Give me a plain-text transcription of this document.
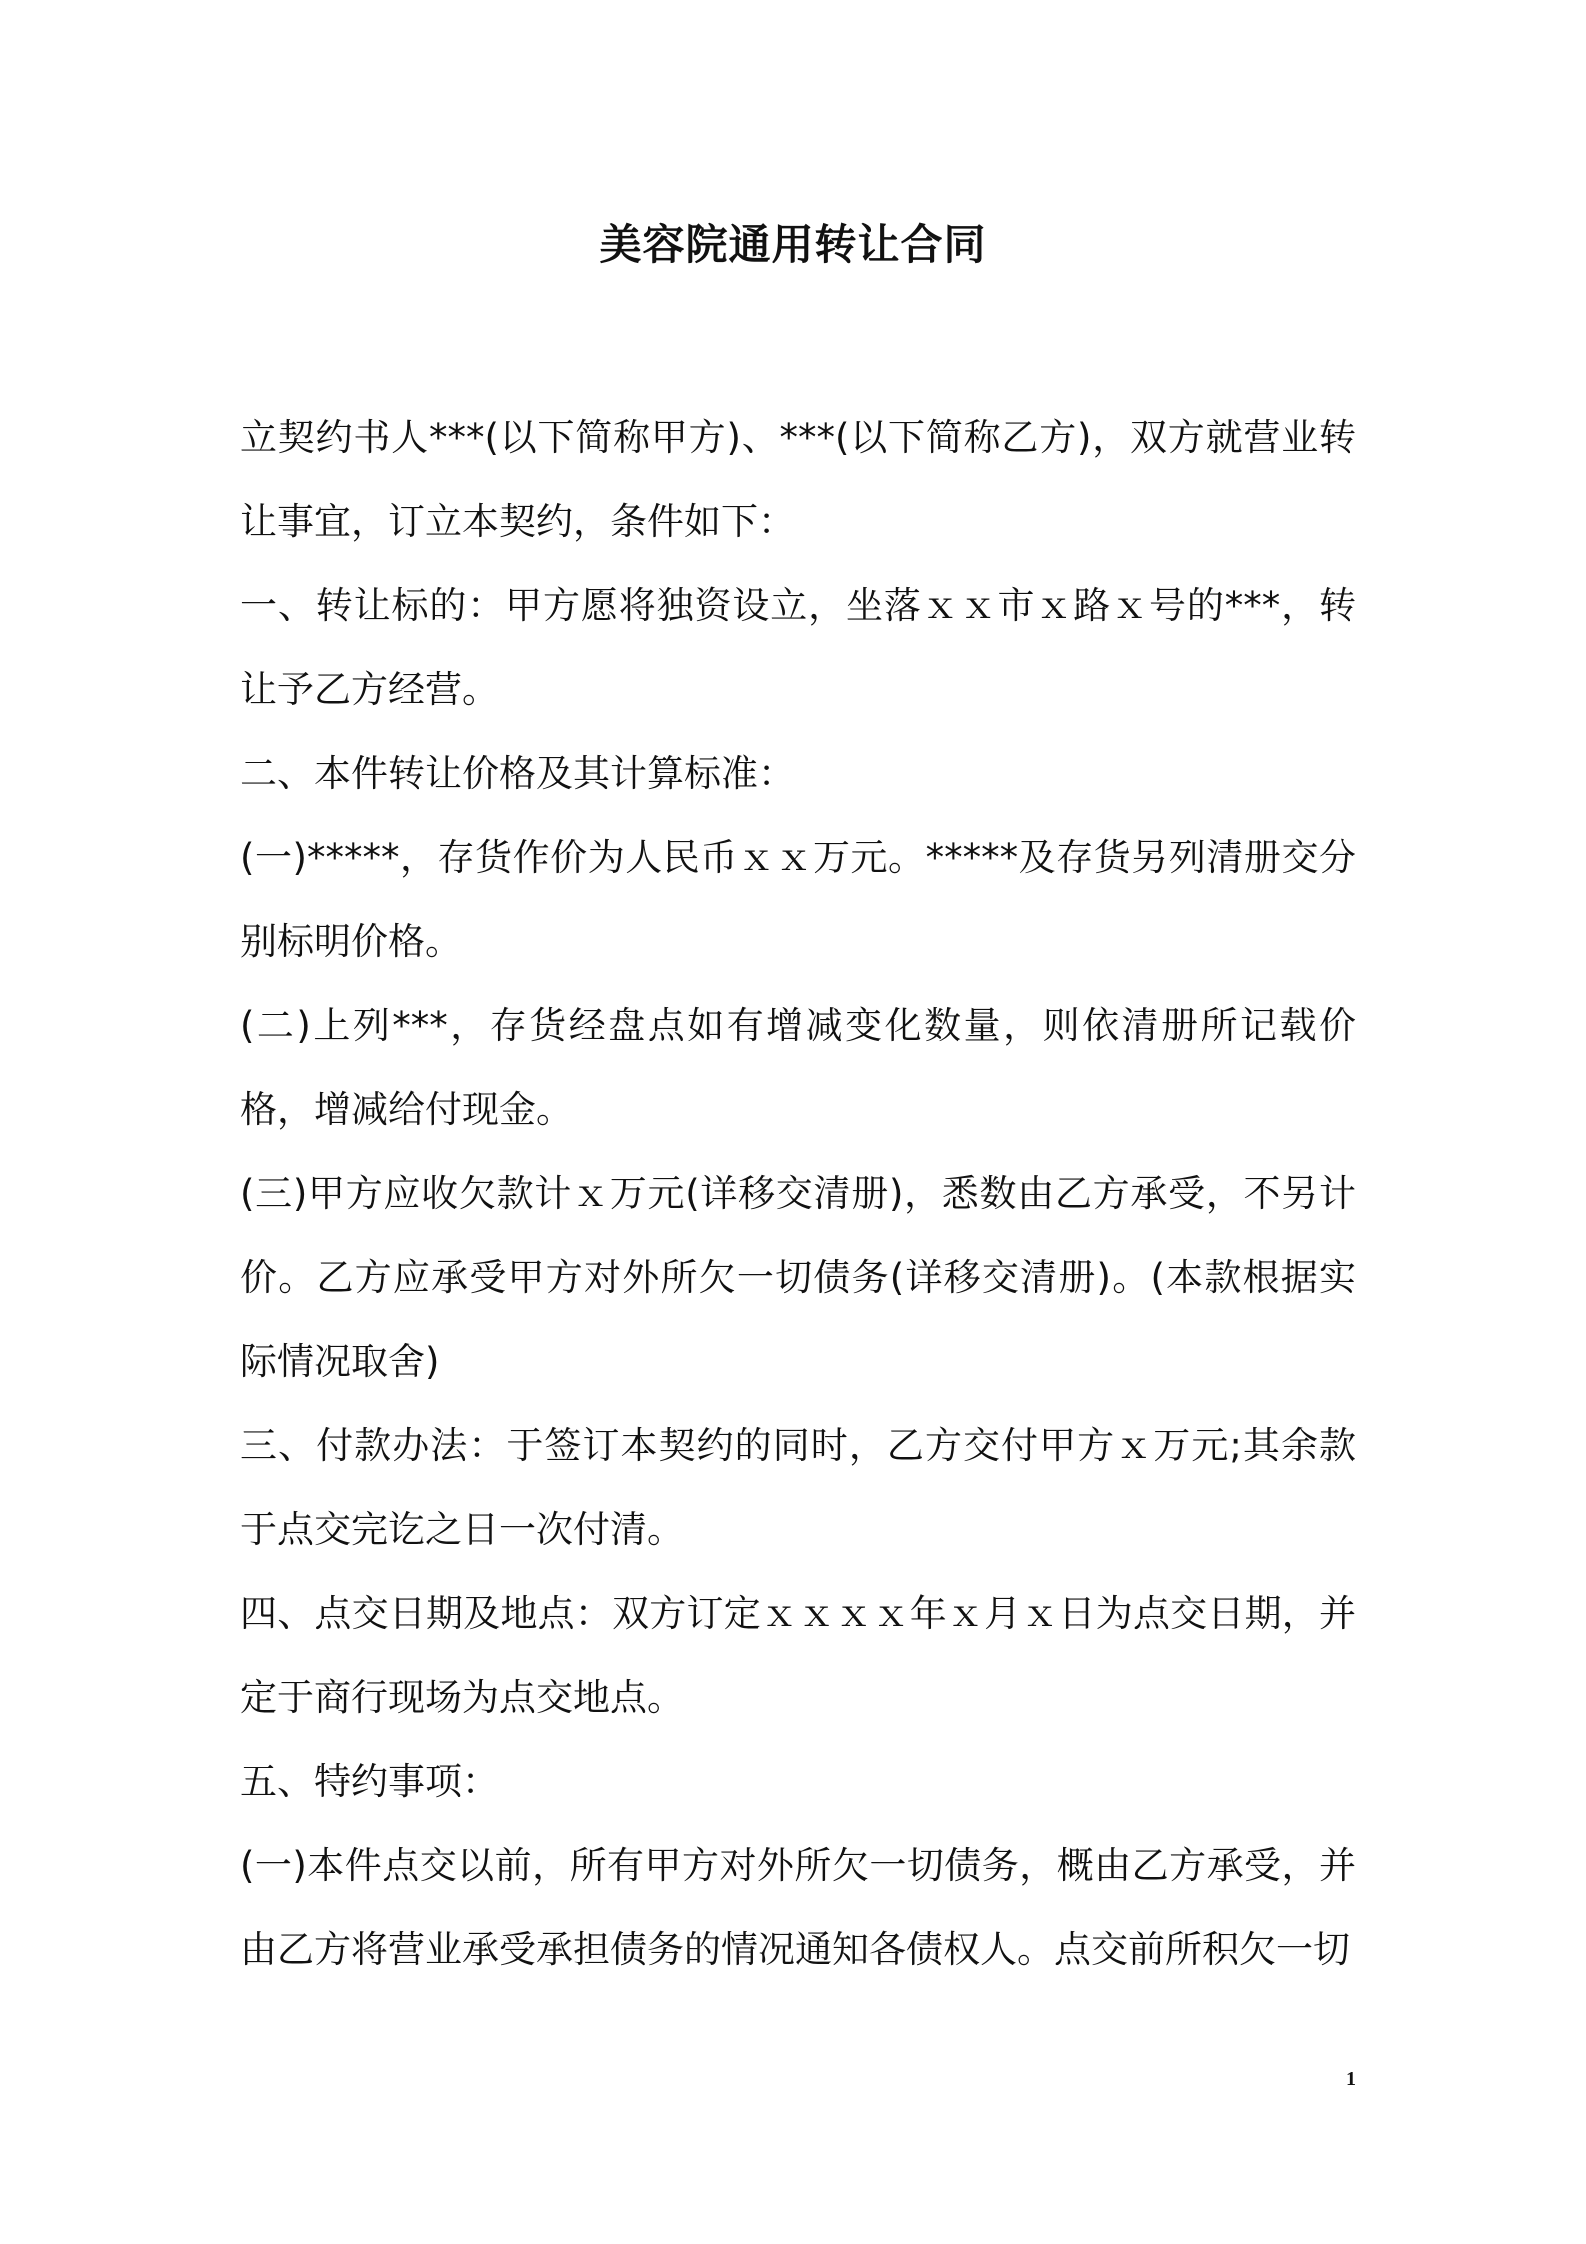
美容院通用转让合同

立契约书人***(以下简称甲方)、***(以下简称乙方)，双方就营业转让事宜，订立本契约，条件如下：

一、转让标的：甲方愿将独资设立，坐落ｘｘ市ｘ路ｘ号的***，转让予乙方经营。

二、本件转让价格及其计算标准：

(一)*****，存货作价为人民币ｘｘ万元。*****及存货另列清册交分别标明价格。

(二)上列***，存货经盘点如有增减变化数量，则依清册所记载价格，增减给付现金。

(三)甲方应收欠款计ｘ万元(详移交清册)，悉数由乙方承受，不另计价。乙方应承受甲方对外所欠一切债务(详移交清册)。(本款根据实际情况取舍)

三、付款办法：于签订本契约的同时，乙方交付甲方ｘ万元;其余款于点交完讫之日一次付清。

四、点交日期及地点：双方订定ｘｘｘｘ年ｘ月ｘ日为点交日期，并定于商行现场为点交地点。

五、特约事项：

(一)本件点交以前，所有甲方对外所欠一切债务，概由乙方承受，并由乙方将营业承受承担债务的情况通知各债权人。点交前所积欠一切

1
